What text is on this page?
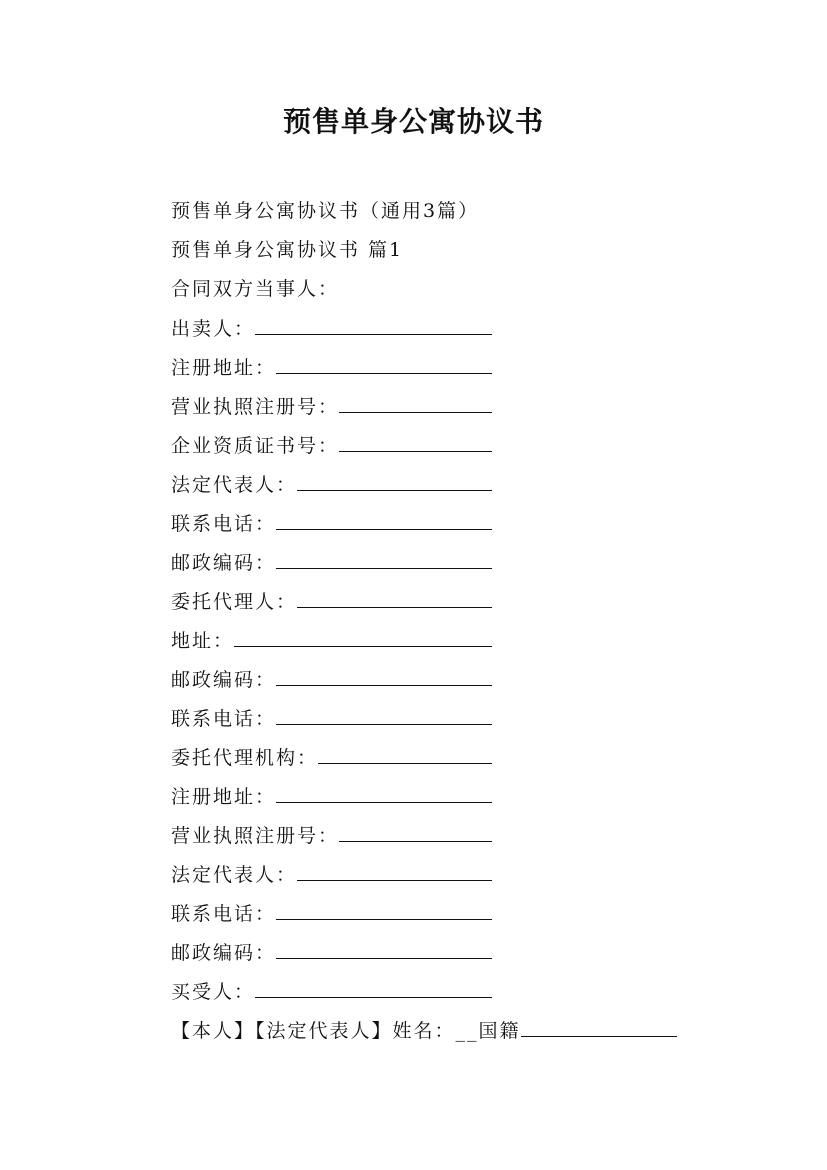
预售单身公寓协议书
预售单身公寓协议书（通用3篇）
预售单身公寓协议书 篇1
合同双方当事人：
出卖人：
注册地址：
营业执照注册号：
企业资质证书号：
法定代表人：
联系电话：
邮政编码：
委托代理人：
地址：
邮政编码：
联系电话：
委托代理机构：
注册地址：
营业执照注册号：
法定代表人：
联系电话：
邮政编码：
买受人：
【本人】【法定代表人】姓名：__国籍
